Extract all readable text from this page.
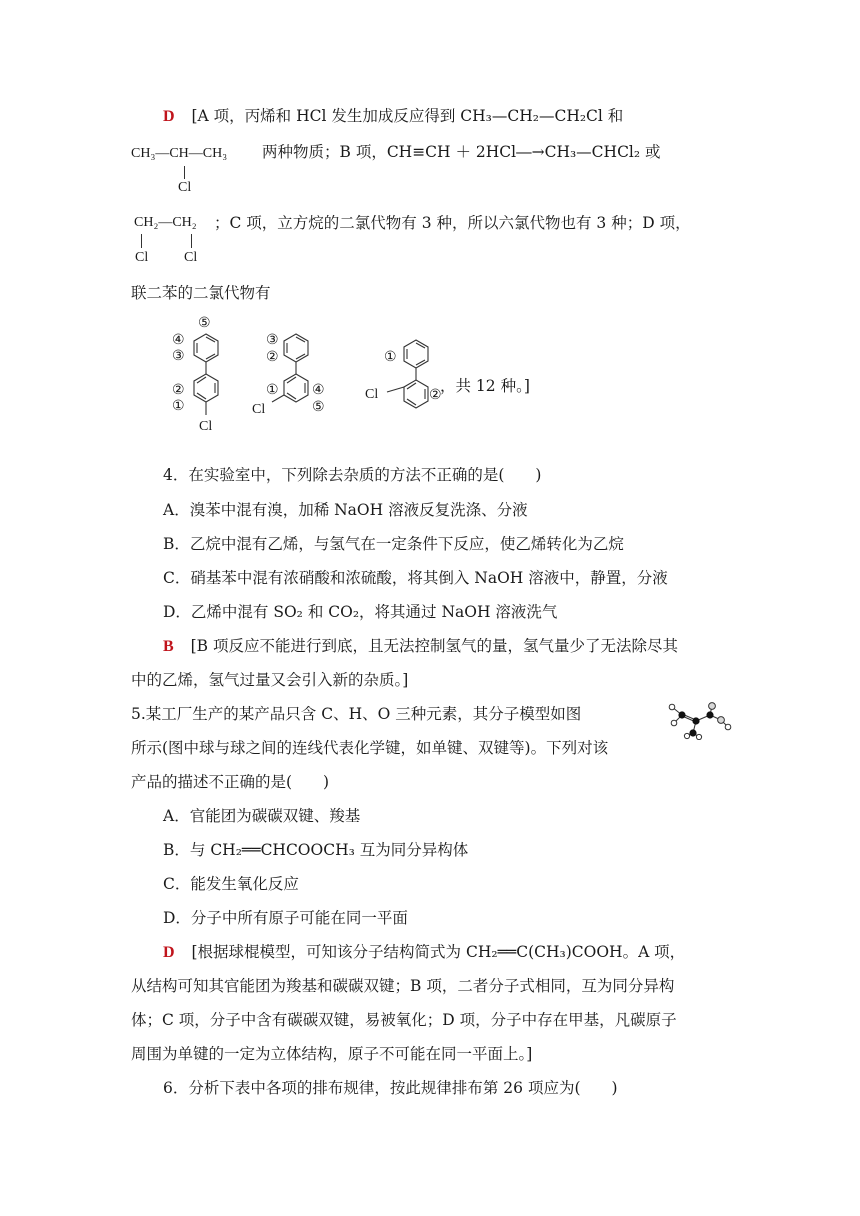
D [A 项，丙烯和 HCl 发生加成反应得到 CH₃—CH₂—CH₂Cl 和
CH₃—CH—CH₃
Cl
两种物质；B 项，CH≡CH ＋ 2HCl―→CH₃—CHCl₂ 或
CH₂—CH₂
Cl	Cl
；C 项，立方烷的二氯代物有 3 种，所以六氯代物也有 3 种；D 项，
联二苯的二氯代物有
⑤
④
③
②
①
Cl
③
②
① ④
⑤
Cl
①
Cl	②
，共 12 种。]
4．在实验室中，下列除去杂质的方法不正确的是(　　)
A．溴苯中混有溴，加稀 NaOH 溶液反复洗涤、分液
B．乙烷中混有乙烯，与氢气在一定条件下反应，使乙烯转化为乙烷
C．硝基苯中混有浓硝酸和浓硫酸，将其倒入 NaOH 溶液中，静置，分液
D．乙烯中混有 SO₂ 和 CO₂，将其通过 NaOH 溶液洗气
B [B 项反应不能进行到底，且无法控制氢气的量，氢气量少了无法除尽其
中的乙烯，氢气过量又会引入新的杂质。]
5.某工厂生产的某产品只含 C、H、O 三种元素，其分子模型如图
所示(图中球与球之间的连线代表化学键，如单键、双键等)。下列对该
产品的描述不正确的是(　　)
A．官能团为碳碳双键、羧基
B．与 CH₂══CHCOOCH₃ 互为同分异构体
C．能发生氧化反应
D．分子中所有原子可能在同一平面
D [根据球棍模型，可知该分子结构简式为 CH₂══C(CH₃)COOH。A 项，
从结构可知其官能团为羧基和碳碳双键；B 项，二者分子式相同，互为同分异构
体；C 项，分子中含有碳碳双键，易被氧化；D 项，分子中存在甲基，凡碳原子
周围为单键的一定为立体结构，原子不可能在同一平面上。]
6．分析下表中各项的排布规律，按此规律排布第 26 项应为(　　)
